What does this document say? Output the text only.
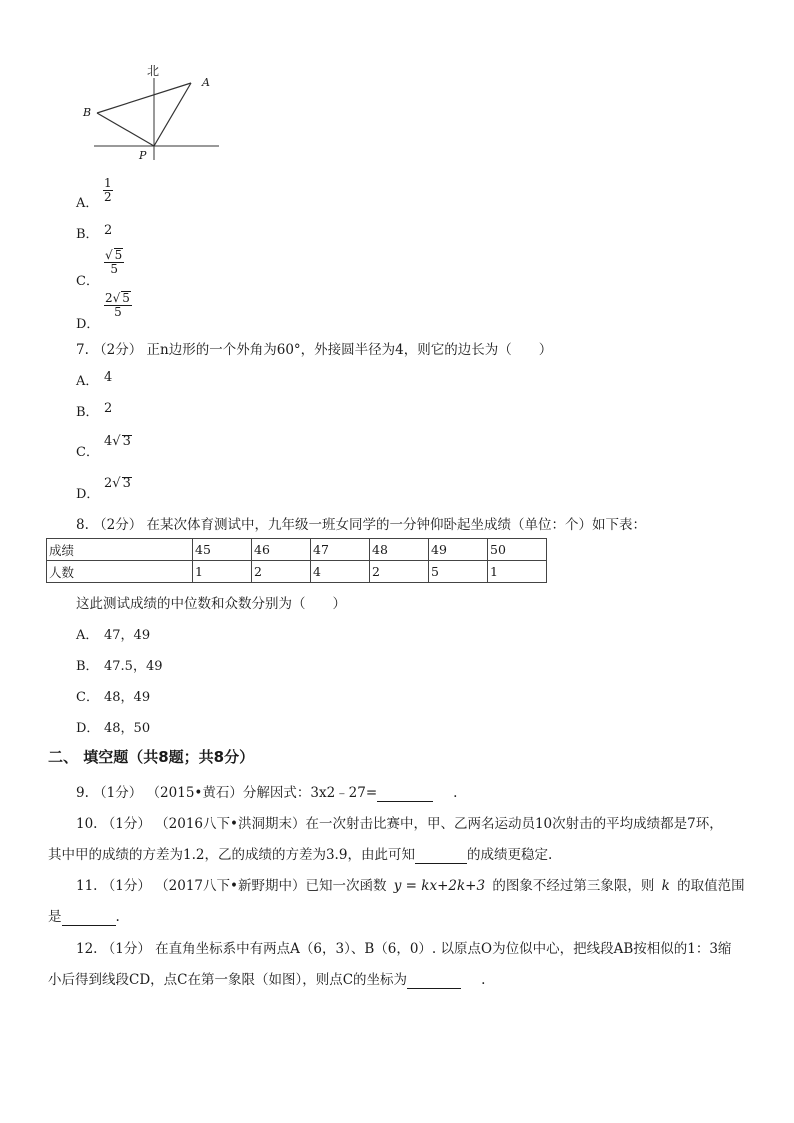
北
A
B
P
A． $\frac{1}{2}$
B． 2
C．
$\frac{√ 5}{5}$
D．
$\frac{2√ 5}{5}$
7. （2分） 正n边形的一个外角为60°，外接圆半径为4，则它的边长为（　　）
A． 4
B． 2
C．
4√ 3
D．
2√ 3
8. （2分） 在某次体育测试中，九年级一班女同学的一分钟仰卧起坐成绩（单位：个）如下表：
成绩	45	46	47	48	49	50
人数	1	2	4	2	5	1
这此测试成绩的中位数和众数分别为（　　）
A． 47，49
B． 47.5，49
C． 48，49
D． 48，50
二、 填空题（共8题；共8分）
9. （1分） （2015•黄石）分解因式：3x2﹣27=	.
10. （1分） （2016八下•洪洞期末）在一次射击比赛中，甲、乙两名运动员10次射击的平均成绩都是7环，
其中甲的成绩的方差为1.2，乙的成绩的方差为3.9，由此可知	的成绩更稳定.
11. （1分） （2017八下•新野期中）已知一次函数 y = kx+2k+3 的图象不经过第三象限，则 k 的取值范围
是	.
12. （1分） 在直角坐标系中有两点A（6，3）、B（6，0）. 以原点O为位似中心，把线段AB按相似的1：3缩
小后得到线段CD，点C在第一象限（如图），则点C的坐标为	.
